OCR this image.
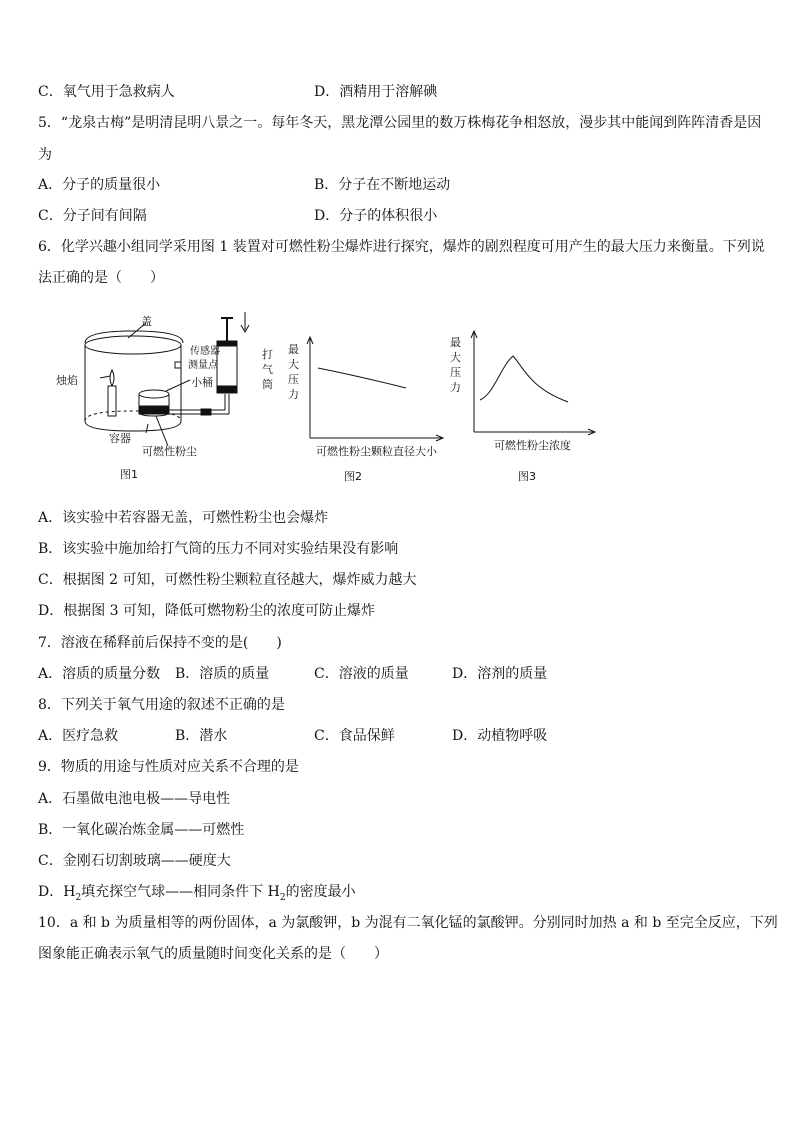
C．氧气用于急救病人	D．酒精用于溶解碘
5．“龙泉古梅”是明清昆明八景之一。每年冬天，黑龙潭公园里的数万株梅花争相怒放，漫步其中能闻到阵阵清香是因
为
A．分子的质量很小	B．分子在不断地运动
C．分子间有间隔	D．分子的体积很小
6．化学兴趣小组同学采用图 1 装置对可燃性粉尘爆炸进行探究，爆炸的剧烈程度可用产生的最大压力来衡量。下列说
法正确的是（　　）
盖
传感器
测量点
打
气
筒
烛焰	小桶
容器
可燃性粉尘
图1
最
大
压
力
可燃性粉尘颗粒直径大小
图2
最
大
压
力
可燃性粉尘浓度
图3
A．该实验中若容器无盖，可燃性粉尘也会爆炸
B．该实验中施加给打气筒的压力不同对实验结果没有影响
C．根据图 2 可知，可燃性粉尘颗粒直径越大，爆炸威力越大
D．根据图 3 可知，降低可燃物粉尘的浓度可防止爆炸
7．溶液在稀释前后保持不变的是(　　)
A．溶质的质量分数 B．溶质的质量	C．溶液的质量	D．溶剂的质量
8．下列关于氧气用途的叙述不正确的是
A．医疗急救	B．潜水	C．食品保鲜	D．动植物呼吸
9．物质的用途与性质对应关系不合理的是
A．石墨做电池电极——导电性
B．一氧化碳冶炼金属——可燃性
C．金刚石切割玻璃——硬度大
D．$H_2$填充探空气球——相同条件下 $H_2$的密度最小
10．a 和 b 为质量相等的两份固体，a 为氯酸钾，b 为混有二氧化锰的氯酸钾。分别同时加热 a 和 b 至完全反应，下列
图象能正确表示氧气的质量随时间变化关系的是（　　）
